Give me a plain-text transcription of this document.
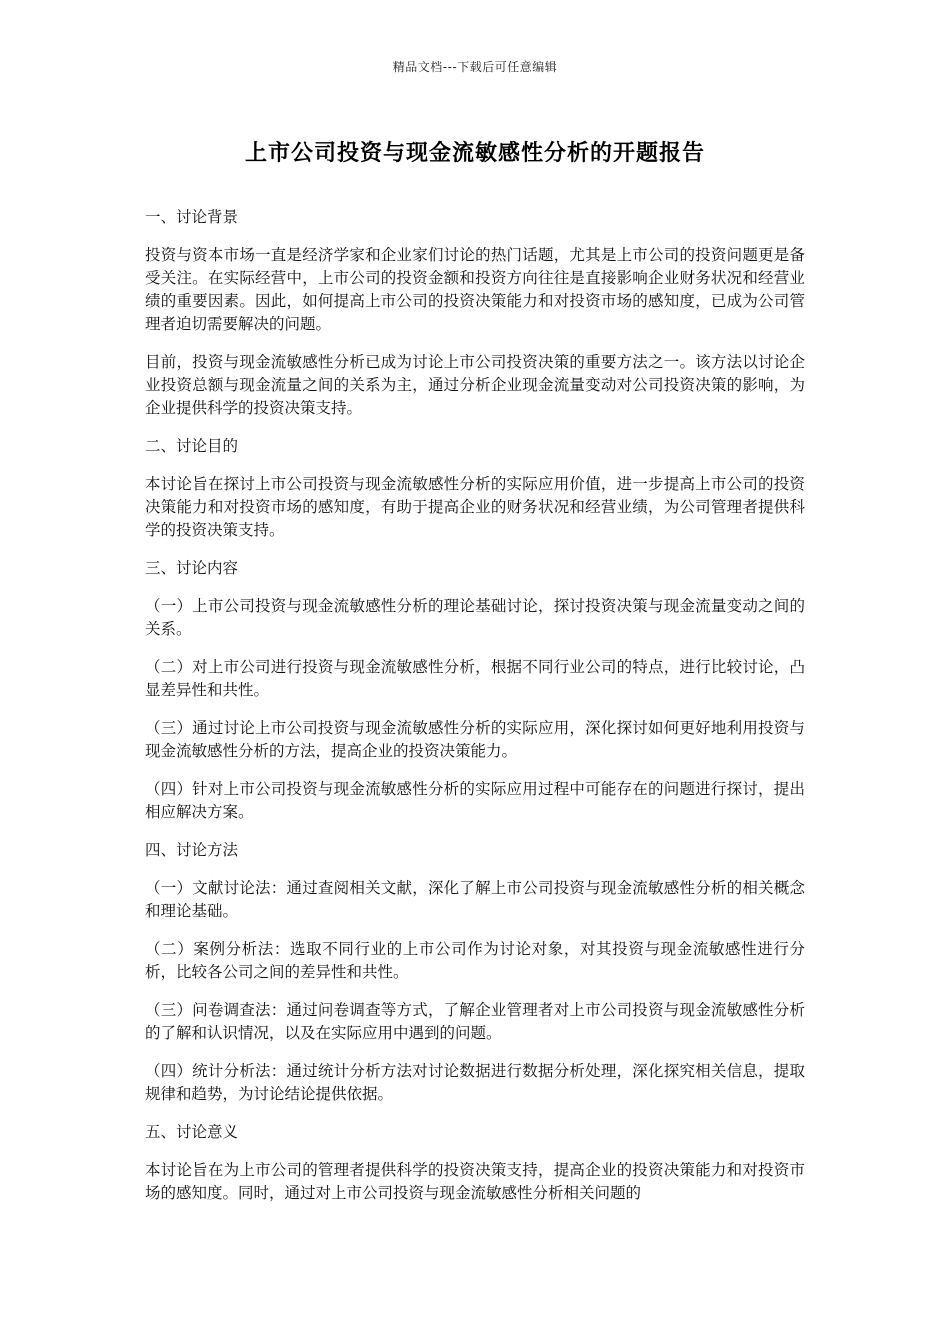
精品文档---下载后可任意编辑
上市公司投资与现金流敏感性分析的开题报告

一、讨论背景

投资与资本市场一直是经济学家和企业家们讨论的热门话题，尤其是上市公司的投资问题更是备受关注。在实际经营中，上市公司的投资金额和投资方向往往是直接影响企业财务状况和经营业绩的重要因素。因此，如何提高上市公司的投资决策能力和对投资市场的感知度，已成为公司管理者迫切需要解决的问题。

目前，投资与现金流敏感性分析已成为讨论上市公司投资决策的重要方法之一。该方法以讨论企业投资总额与现金流量之间的关系为主，通过分析企业现金流量变动对公司投资决策的影响，为企业提供科学的投资决策支持。

二、讨论目的

本讨论旨在探讨上市公司投资与现金流敏感性分析的实际应用价值，进一步提高上市公司的投资决策能力和对投资市场的感知度，有助于提高企业的财务状况和经营业绩，为公司管理者提供科学的投资决策支持。

三、讨论内容

（一）上市公司投资与现金流敏感性分析的理论基础讨论，探讨投资决策与现金流量变动之间的关系。

（二）对上市公司进行投资与现金流敏感性分析，根据不同行业公司的特点，进行比较讨论，凸显差异性和共性。

（三）通过讨论上市公司投资与现金流敏感性分析的实际应用，深化探讨如何更好地利用投资与现金流敏感性分析的方法，提高企业的投资决策能力。

（四）针对上市公司投资与现金流敏感性分析的实际应用过程中可能存在的问题进行探讨，提出相应解决方案。

四、讨论方法

（一）文献讨论法：通过查阅相关文献，深化了解上市公司投资与现金流敏感性分析的相关概念和理论基础。

（二）案例分析法：选取不同行业的上市公司作为讨论对象，对其投资与现金流敏感性进行分析，比较各公司之间的差异性和共性。

（三）问卷调查法：通过问卷调查等方式，了解企业管理者对上市公司投资与现金流敏感性分析的了解和认识情况，以及在实际应用中遇到的问题。

（四）统计分析法：通过统计分析方法对讨论数据进行数据分析处理，深化探究相关信息，提取规律和趋势，为讨论结论提供依据。

五、讨论意义

本讨论旨在为上市公司的管理者提供科学的投资决策支持，提高企业的投资决策能力和对投资市场的感知度。同时，通过对上市公司投资与现金流敏感性分析相关问题的
